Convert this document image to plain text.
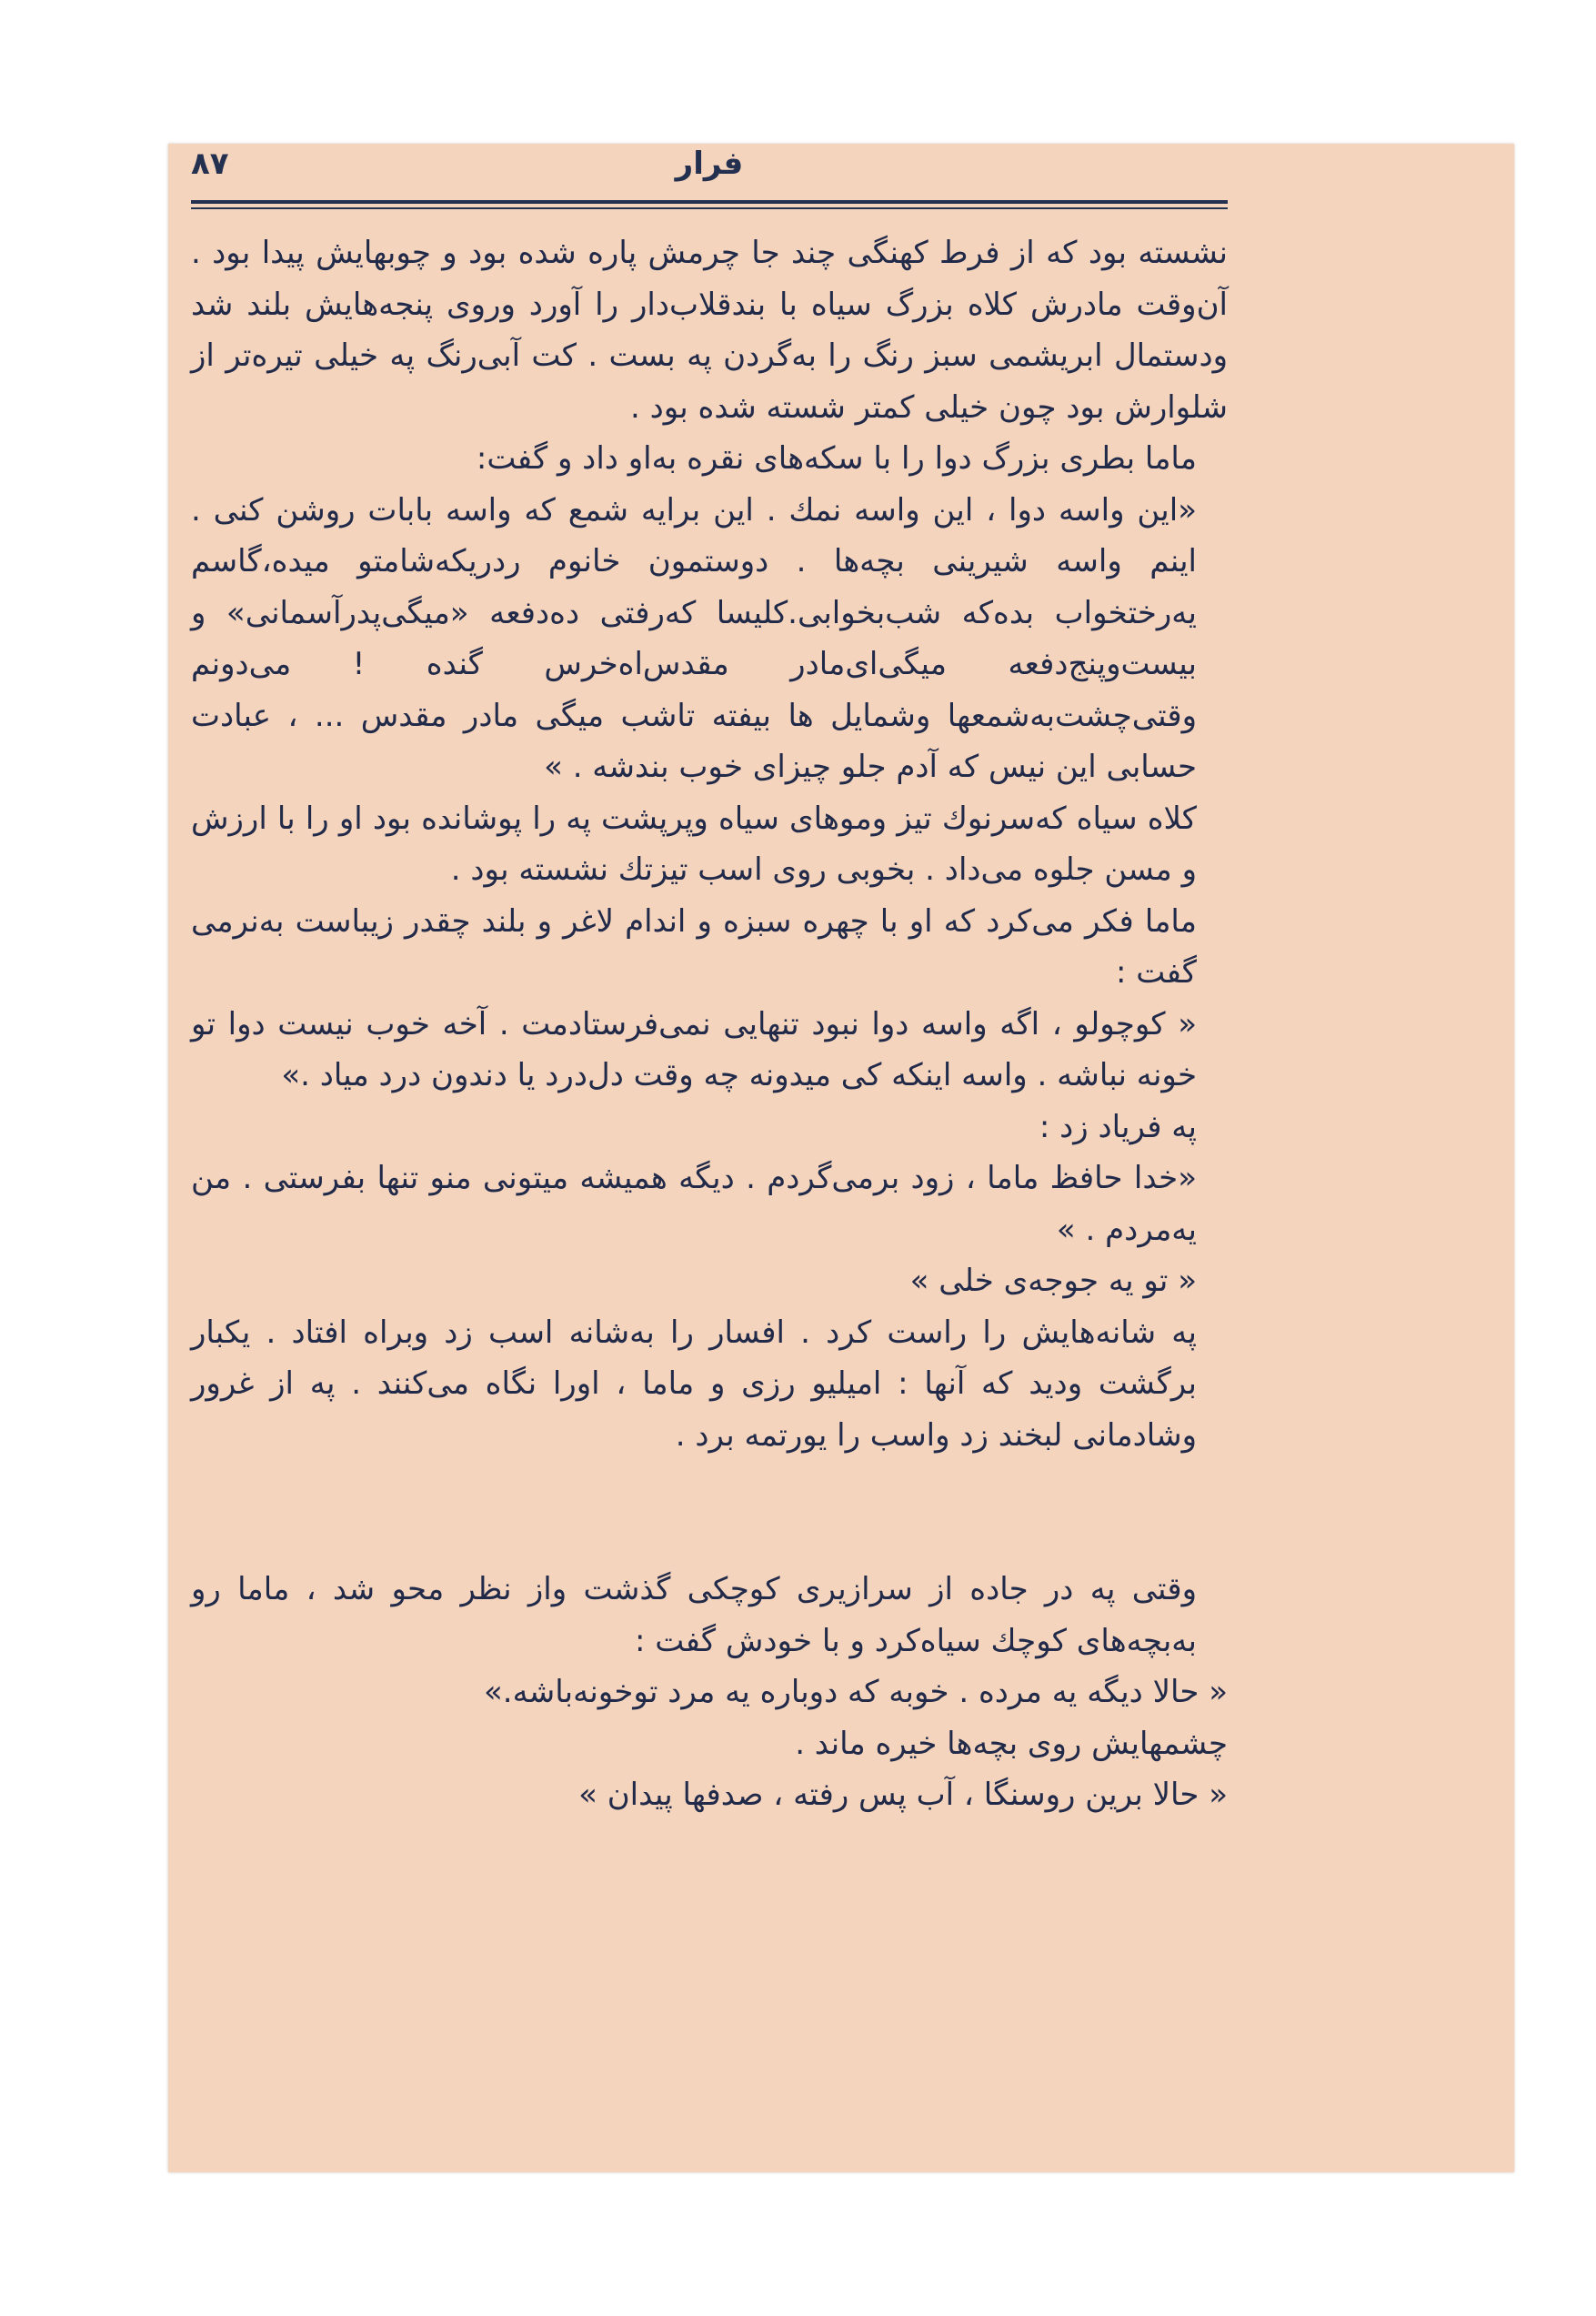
۸۷	فرار

نشسته بود که از فرط کهنگی چند جا چرمش پاره شده بود و چوبهایش پیدا بود . آن‌وقت مادرش کلاه بزرگ سیاه با بندقلاب‌دار را آورد وروی پنجه‌هایش بلند شد ودستمال ابریشمی سبز رنگ را به‌گردن په بست . کت آبی‌رنگ په خیلی تیره‌تر از شلوارش بود چون خیلی کمتر شسته شده بود .

ماما بطری بزرگ دوا را با سکه‌های نقره به‌او داد و گفت:

«این واسه دوا ، این واسه نمك . این برایه شمع که واسه بابات روشن کنی . اینم واسه شیرینی بچه‌ها . دوستمون خانوم ردریکه‌شامتو میده،گاسم یه‌رختخواب بده‌که شب‌بخوابی.کلیسا که‌رفتی ده‌دفعه «میگی‌پدرآسمانی» و بیست‌وپنج‌دفعه میگی‌ای‌مادر مقدس‌اه‌خرس گنده ! می‌دونم وقتی‌چشت‌به‌شمعها وشمایل ها بیفته تاشب میگی مادر مقدس ... ، عبادت حسابی این نیس که آدم جلو چیزای خوب بندشه . »

کلاه سیاه که‌سرنوك تیز وموهای سیاه وپرپشت په را پوشانده بود او را با ارزش و مسن جلوه می‌داد . بخوبی روی اسب تیزتك نشسته بود .

ماما فکر می‌کرد که او با چهره سبزه و اندام لاغر و بلند چقدر زیباست به‌نرمی گفت :

« کوچولو ، اگه واسه دوا نبود تنهایی نمی‌فرستادمت . آخه خوب نیست دوا تو خونه نباشه . واسه اینکه کی میدونه چه وقت دل‌درد یا دندون درد میاد .»

په فریاد زد :

«خدا حافظ ماما ، زود برمی‌گردم . دیگه همیشه میتونی منو تنها بفرستی . من یه‌مردم . »

« تو یه جوجه‌ی خلی »

په شانه‌هایش را راست کرد . افسار را به‌شانه اسب زد وبراه افتاد . یکبار برگشت ودید که آنها : امیلیو رزی و ماما ، اورا نگاه می‌کنند . په از غرور وشادمانی لبخند زد واسب را یورتمه برد .

وقتی په در جاده از سرازیری کوچکی گذشت واز نظر محو شد ، ماما رو به‌بچه‌های کوچك سیاه‌کرد و با خودش گفت :

« حالا دیگه یه مرده . خوبه که دوباره یه مرد توخونه‌باشه.»

چشمهایش روی بچه‌ها خیره ماند .

« حالا برین روسنگا ، آب پس رفته ، صدفها پیدان »
